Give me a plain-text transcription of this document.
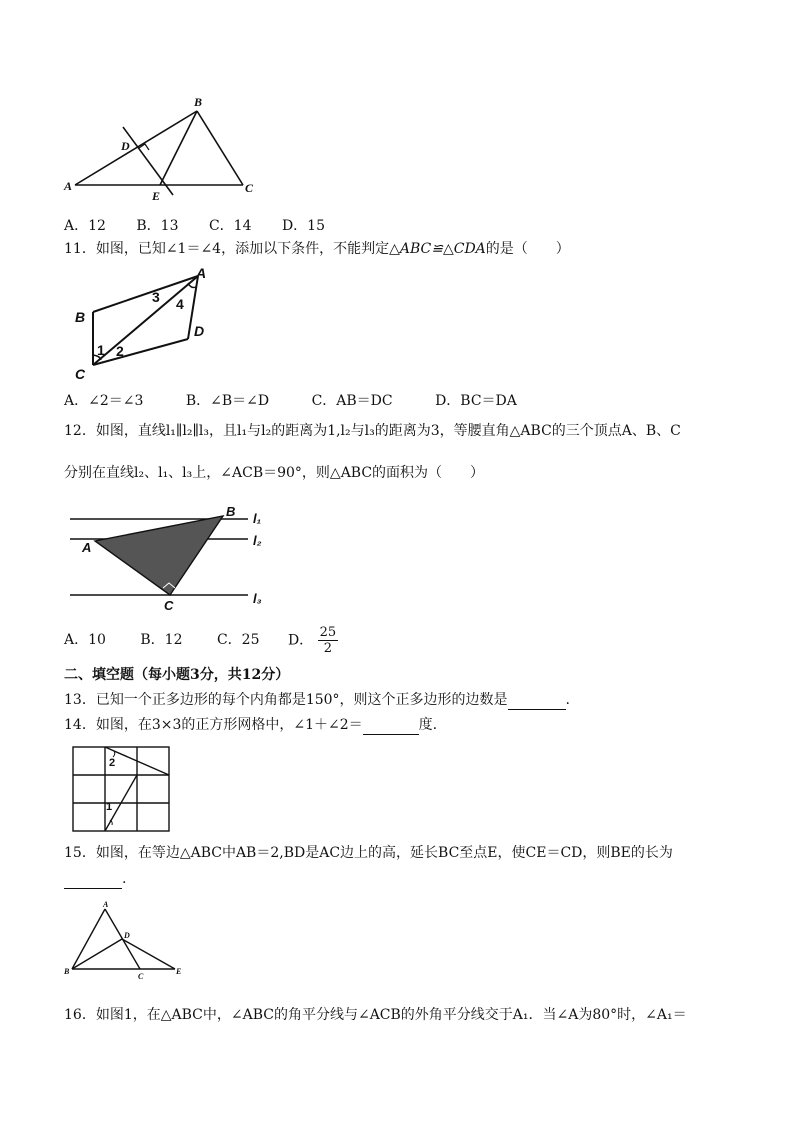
B
D
A
E
C
A．12 B．13 C．14 D．15
11．如图，已知∠1＝∠4，添加以下条件，不能判定△ABC≌△CDA的是（　　）
A
B
C
D
1 2
3 4
A．∠2＝∠3	B．∠B＝∠D	C．AB＝DC	D．BC＝DA
12．如图，直线l₁∥l₂∥l₃，且l₁与l₂的距离为1,l₂与l₃的距离为3，等腰直角△ABC的三个顶点A、B、C
分别在直线l₂、l₁、l₃上，∠ACB＝90°，则△ABC的面积为（　　）
A
B
C
l₁
l₂
l₃
A．10 B．12 C．25 D． $\frac{25}{2}$
二、填空题（每小题3分，共12分）
13．已知一个正多边形的每个内角都是150°，则这个正多边形的边数是	.
14．如图，在3×3的正方形网格中，∠1＋∠2＝	度.
2
1
15．如图，在等边△ABC中AB＝2,BD是AC边上的高，延长BC至点E，使CE＝CD，则BE的长为
.
A
B
C
D
E
16．如图1，在△ABC中，∠ABC的角平分线与∠ACB的外角平分线交于A₁．当∠A为80°时，∠A₁＝
